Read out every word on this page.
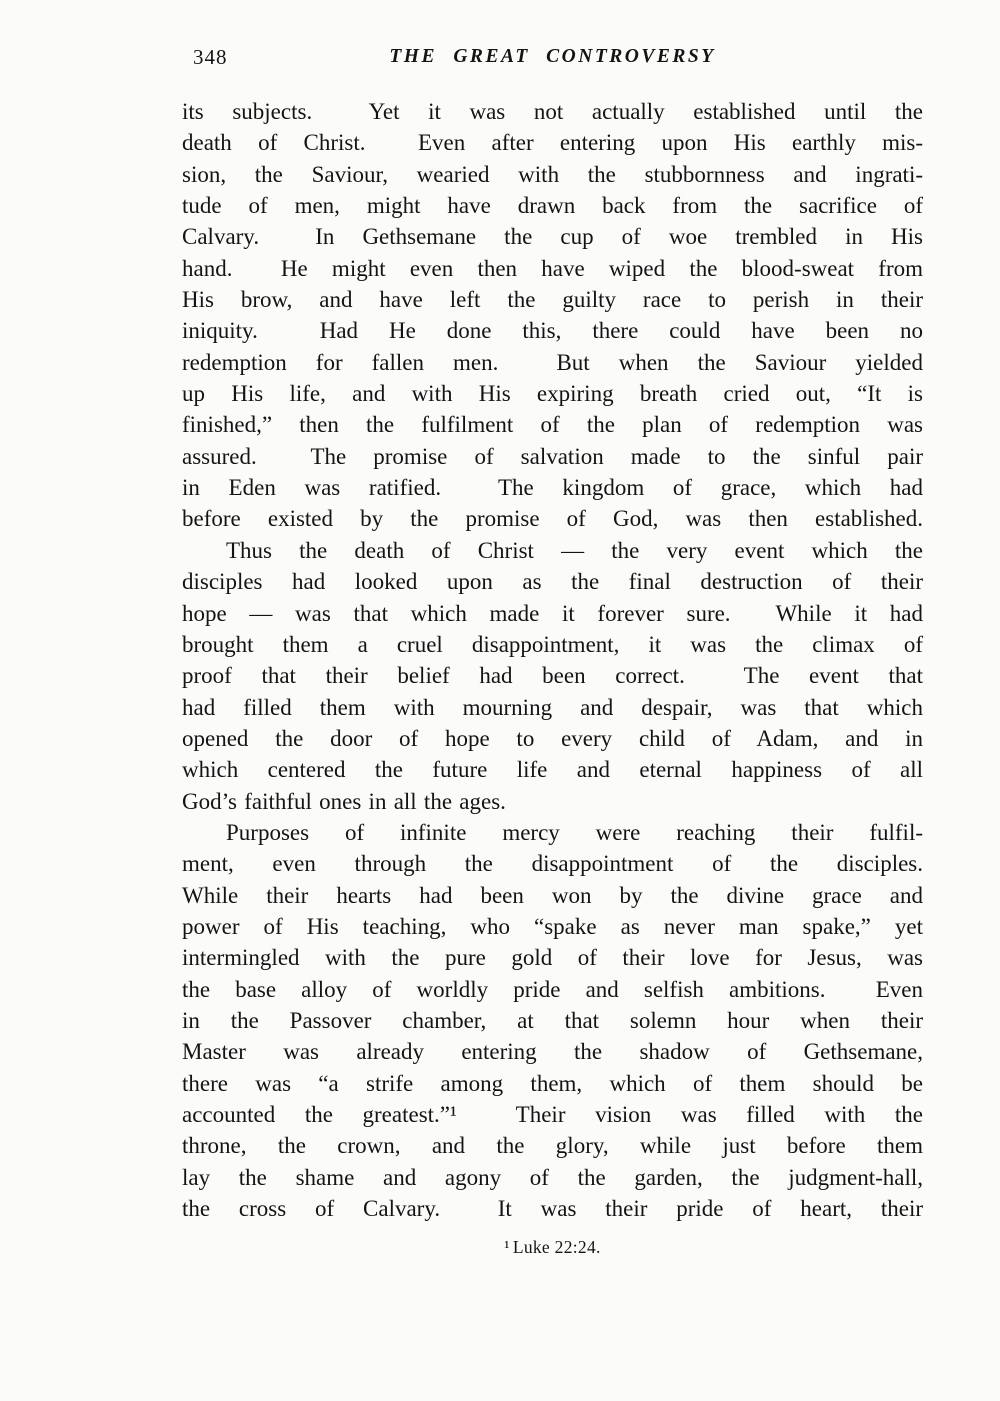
348	THE GREAT CONTROVERSY
its subjects.  Yet it was not actually established until the
death of Christ.  Even after entering upon His earthly mis-
sion, the Saviour, wearied with the stubbornness and ingrati-
tude of men, might have drawn back from the sacrifice of
Calvary.  In Gethsemane the cup of woe trembled in His
hand.  He might even then have wiped the blood-sweat from
His brow, and have left the guilty race to perish in their
iniquity.  Had He done this, there could have been no
redemption for fallen men.  But when the Saviour yielded
up His life, and with His expiring breath cried out, “It is
finished,” then the fulfilment of the plan of redemption was
assured.  The promise of salvation made to the sinful pair
in Eden was ratified.  The kingdom of grace, which had
before existed by the promise of God, was then established.
Thus the death of Christ — the very event which the
disciples had looked upon as the final destruction of their
hope — was that which made it forever sure.  While it had
brought them a cruel disappointment, it was the climax of
proof that their belief had been correct.  The event that
had filled them with mourning and despair, was that which
opened the door of hope to every child of Adam, and in
which centered the future life and eternal happiness of all
God’s faithful ones in all the ages.
Purposes of infinite mercy were reaching their fulfil-
ment, even through the disappointment of the disciples.
While their hearts had been won by the divine grace and
power of His teaching, who “spake as never man spake,” yet
intermingled with the pure gold of their love for Jesus, was
the base alloy of worldly pride and selfish ambitions.  Even
in the Passover chamber, at that solemn hour when their
Master was already entering the shadow of Gethsemane,
there was “a strife among them, which of them should be
accounted the greatest.”¹  Their vision was filled with the
throne, the crown, and the glory, while just before them
lay the shame and agony of the garden, the judgment-hall,
the cross of Calvary.  It was their pride of heart, their
¹ Luke 22:24.
